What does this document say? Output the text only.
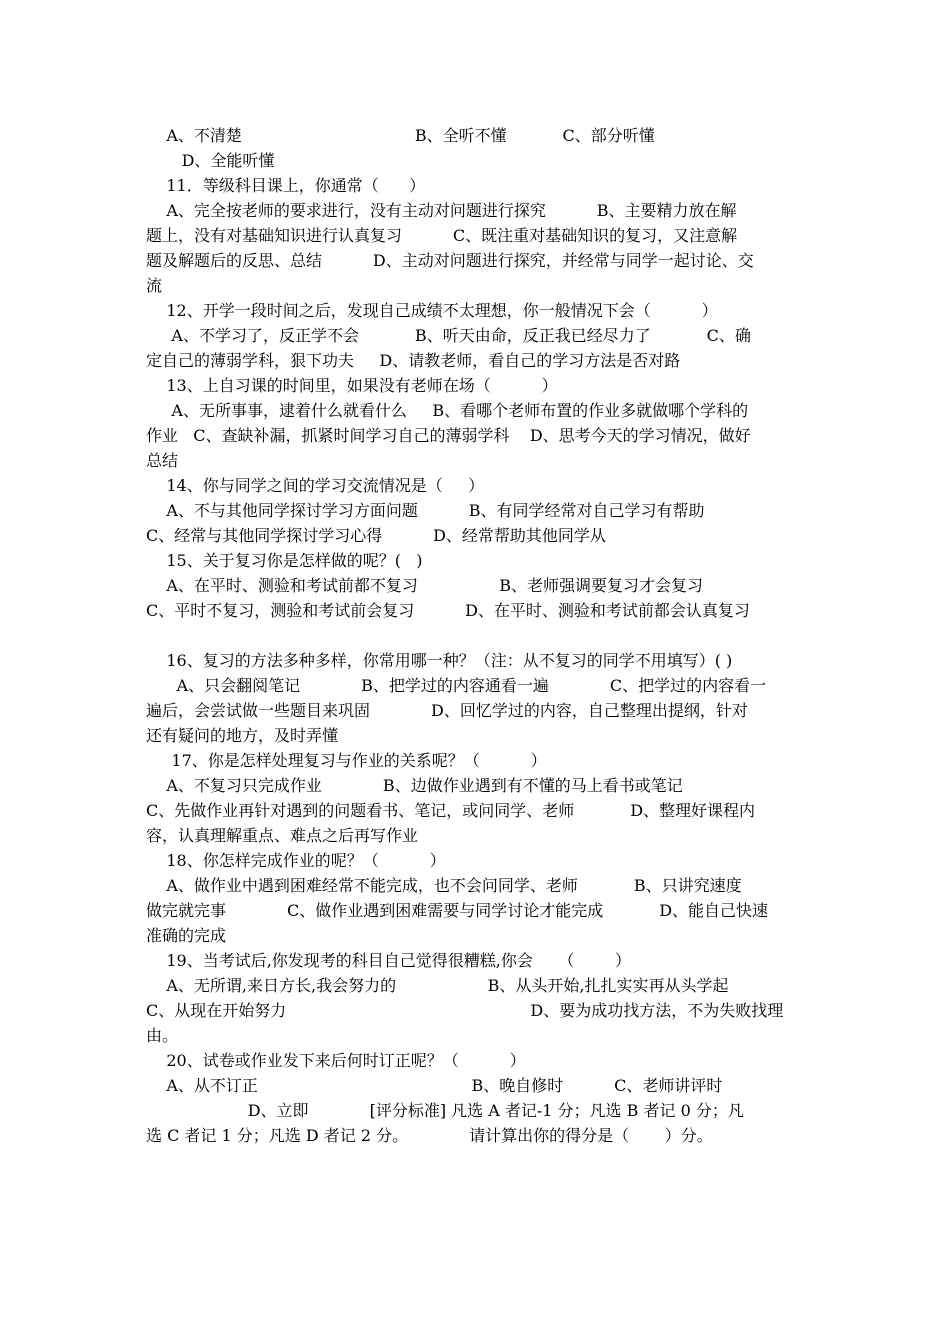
A、不清楚                                  B、全听不懂           C、部分听懂
D、全能听懂
11．等级科目课上，你通常（      ）
A、完全按老师的要求进行，没有主动对问题进行探究          B、主要精力放在解
题上，没有对基础知识进行认真复习          C、既注重对基础知识的复习，又注意解
题及解题后的反思、总结          D、主动对问题进行探究，并经常与同学一起讨论、交
流
12、开学一段时间之后，发现自己成绩不太理想，你一般情况下会（          ）
A、不学习了，反正学不会           B、听天由命，反正我已经尽力了           C、确
定自己的薄弱学科，狠下功夫     D、请教老师，看自己的学习方法是否对路
13、上自习课的时间里，如果没有老师在场（          ）
A、无所事事，逮着什么就看什么     B、看哪个老师布置的作业多就做哪个学科的
作业   C、查缺补漏，抓紧时间学习自己的薄弱学科    D、思考今天的学习情况，做好
总结
14、你与同学之间的学习交流情况是（     ）
A、不与其他同学探讨学习方面问题          B、有同学经常对自己学习有帮助
C、经常与其他同学探讨学习心得          D、经常帮助其他同学从
15、关于复习你是怎样做的呢？(   )
A、在平时、测验和考试前都不复习                B、老师强调要复习才会复习
C、平时不复习，测验和考试前会复习          D、在平时、测验和考试前都会认真复习
16、复习的方法多种多样，你常用哪一种？（注：从不复习的同学不用填写）( )
A、只会翻阅笔记            B、把学过的内容通看一遍            C、把学过的内容看一
遍后，会尝试做一些题目来巩固            D、回忆学过的内容，自己整理出提纲，针对
还有疑问的地方，及时弄懂
17、你是怎样处理复习与作业的关系呢？（          ）
A、不复习只完成作业            B、边做作业遇到有不懂的马上看书或笔记
C、先做作业再针对遇到的问题看书、笔记，或问同学、老师           D、整理好课程内
容，认真理解重点、难点之后再写作业
18、你怎样完成作业的呢？（          ）
A、做作业中遇到困难经常不能完成，也不会问同学、老师           B、只讲究速度
做完就完事            C、做作业遇到困难需要与同学讨论才能完成           D、能自己快速
准确的完成
19、当考试后,你发现考的科目自己觉得很糟糕,你会     （        ）
A、无所谓,来日方长,我会努力的                  B、从头开始,扎扎实实再从头学起
C、从现在开始努力                                                D、要为成功找方法，不为失败找理
由。
20、试卷或作业发下来后何时订正呢？（          ）
A、从不订正                                          B、晚自修时          C、老师讲评时
D、立即            [评分标准] 凡选 A 者记-1 分；凡选 B 者记 0 分；凡
选 C 者记 1 分；凡选 D 者记 2 分。            请计算出你的得分是（       ）分。
